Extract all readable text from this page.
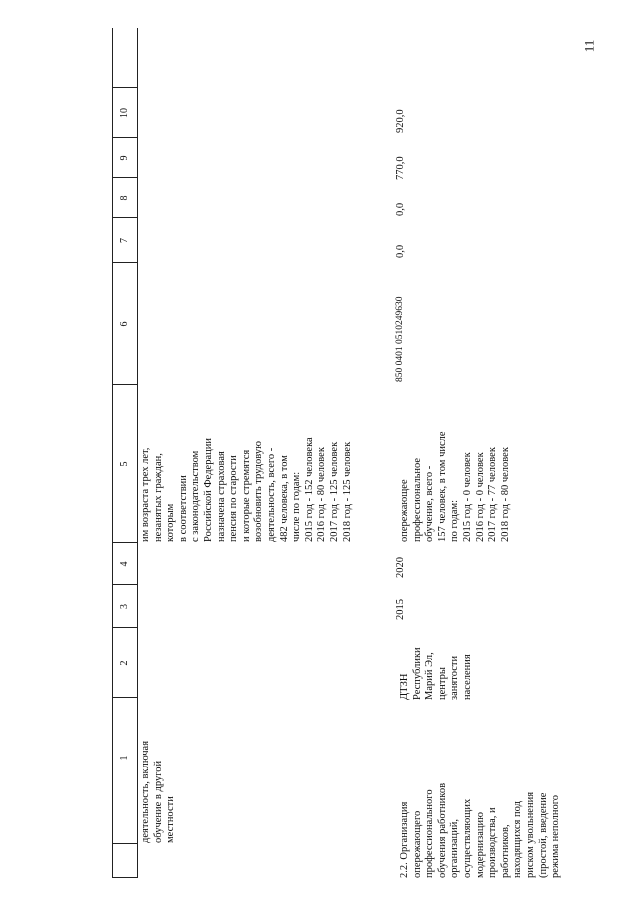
11
1
2
3
4
5
6
7
8
9
10
деятельность, включая
обучение в другой
местности
им возраста трех лет,
незанятых граждан,
которым
в соответствии
с законодательством
Российской Федерации
назначена страховая
пенсия по старости
и которые стремятся
возобновить трудовую
деятельность, всего -
482 человека, в том
числе по годам:
2015 год - 152 человека
2016 год - 80 человек
2017 год - 125 человек
2018 год - 125 человек
2.2. Организация
опережающего
профессионального
обучения работников
организаций,
осуществляющих
модернизацию
производства, и
работников,
находящихся под
риском увольнения
(простой, введение
режима неполного
ДТЗН
Республики
Марий Эл,
центры
занятости
населения
2015
2020
опережающее
профессиональное
обучение, всего -
157 человек, в том числе
по годам:
2015 год - 0 человек
2016 год - 0 человек
2017 год - 77 человек
2018 год - 80 человек
850 0401 0510249630
0,0
0,0
770,0
920,0
